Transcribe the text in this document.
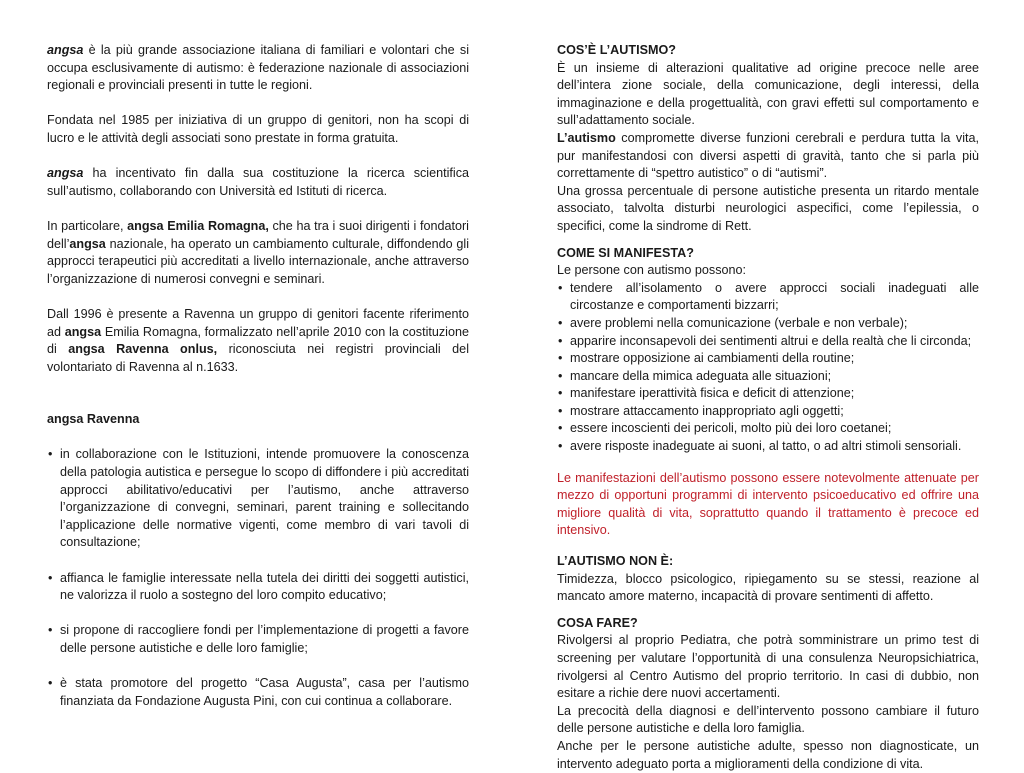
angsa è la più grande associazione italiana di familiari e volontari che si occupa esclusivamente di autismo: è federazione nazionale di associazioni regionali e provinciali presenti in tutte le regioni.

Fondata nel 1985 per iniziativa di un gruppo di genitori, non ha scopi di lucro e le attività degli associati sono prestate in forma gratuita.

angsa ha incentivato fin dalla sua costituzione la ricerca scientifica sull’autismo, collaborando con Università ed Istituti di ricerca.

In particolare, angsa Emilia Romagna, che ha tra i suoi dirigenti i fondatori dell’angsa nazionale, ha operato un cambiamento culturale, diffondendo gli approcci terapeutici più accreditati a livello internazionale, anche attraverso l’organizzazione di numerosi convegni e seminari.

Dall 1996 è presente a Ravenna un gruppo di genitori facente riferimento ad angsa Emilia Romagna, formalizzato nell’aprile 2010 con la costituzione di angsa Ravenna onlus, riconosciuta nei registri provinciali del volontariato di Ravenna al n.1633.

angsa Ravenna

• in collaborazione con le Istituzioni, intende promuovere la conoscenza della patologia autistica e persegue lo scopo di diffondere i più accreditati approcci abilitativo/educativi per l’autismo, anche attraverso l’organizzazione di convegni, seminari, parent training e sollecitando l’applicazione delle normative vigenti, come membro di vari tavoli di consultazione;
• affianca le famiglie interessate nella tutela dei diritti dei soggetti autistici, ne valorizza il ruolo a sostegno del loro compito educativo;
• si propone di raccogliere fondi per l’implementazione di progetti a favore delle persone autistiche e delle loro famiglie;
• è stata promotore del progetto “Casa Augusta”, casa per l’autismo finanziata da Fondazione Augusta Pini, con cui continua a collaborare.

COS’È L’AUTISMO?

È un insieme di alterazioni qualitative ad origine precoce nelle aree dell’intera zione sociale, della comunicazione, degli interessi, della immaginazione e della progettualità, con gravi effetti sul comportamento e sull’adattamento sociale.

L’autismo compromette diverse funzioni cerebrali e perdura tutta la vita, pur manifestandosi con diversi aspetti di gravità, tanto che si parla più correttamente di “spettro autistico” o di “autismi”.

Una grossa percentuale di persone autistiche presenta un ritardo mentale associato, talvolta disturbi neurologici aspecifici, come l’epilessia, o specifici, come la sindrome di Rett.

COME SI MANIFESTA?

Le persone con autismo possono:

• tendere all’isolamento o avere approcci sociali inadeguati alle circostanze e comportamenti bizzarri;
• avere problemi nella comunicazione (verbale e non verbale);
• apparire inconsapevoli dei sentimenti altrui e della realtà che li circonda;
• mostrare opposizione ai cambiamenti della routine;
• mancare della mimica adeguata alle situazioni;
• manifestare iperattività fisica e deficit di attenzione;
• mostrare attaccamento inappropriato agli oggetti;
• essere incoscienti dei pericoli, molto più dei loro coetanei;
• avere risposte inadeguate ai suoni, al tatto, o ad altri stimoli sensoriali.

Le manifestazioni dell’autismo possono essere notevolmente attenuate per mezzo di opportuni programmi di intervento psicoeducativo ed offrire una migliore qualità di vita, soprattutto quando il trattamento è precoce ed intensivo.

L’AUTISMO NON È:

Timidezza, blocco psicologico, ripiegamento su se stessi, reazione al mancato amore materno, incapacità di provare sentimenti di affetto.

COSA FARE?

Rivolgersi al proprio Pediatra, che potrà somministrare un primo test di screening per valutare l’opportunità di una consulenza Neuropsichiatrica, rivolgersi al Centro Autismo del proprio territorio. In casi di dubbio, non esitare a richie dere nuovi accertamenti.

La precocità della diagnosi e dell’intervento possono cambiare il futuro delle persone autistiche e della loro famiglia.

Anche per le persone autistiche adulte, spesso non diagnosticate, un intervento adeguato porta a miglioramenti della condizione di vita.
